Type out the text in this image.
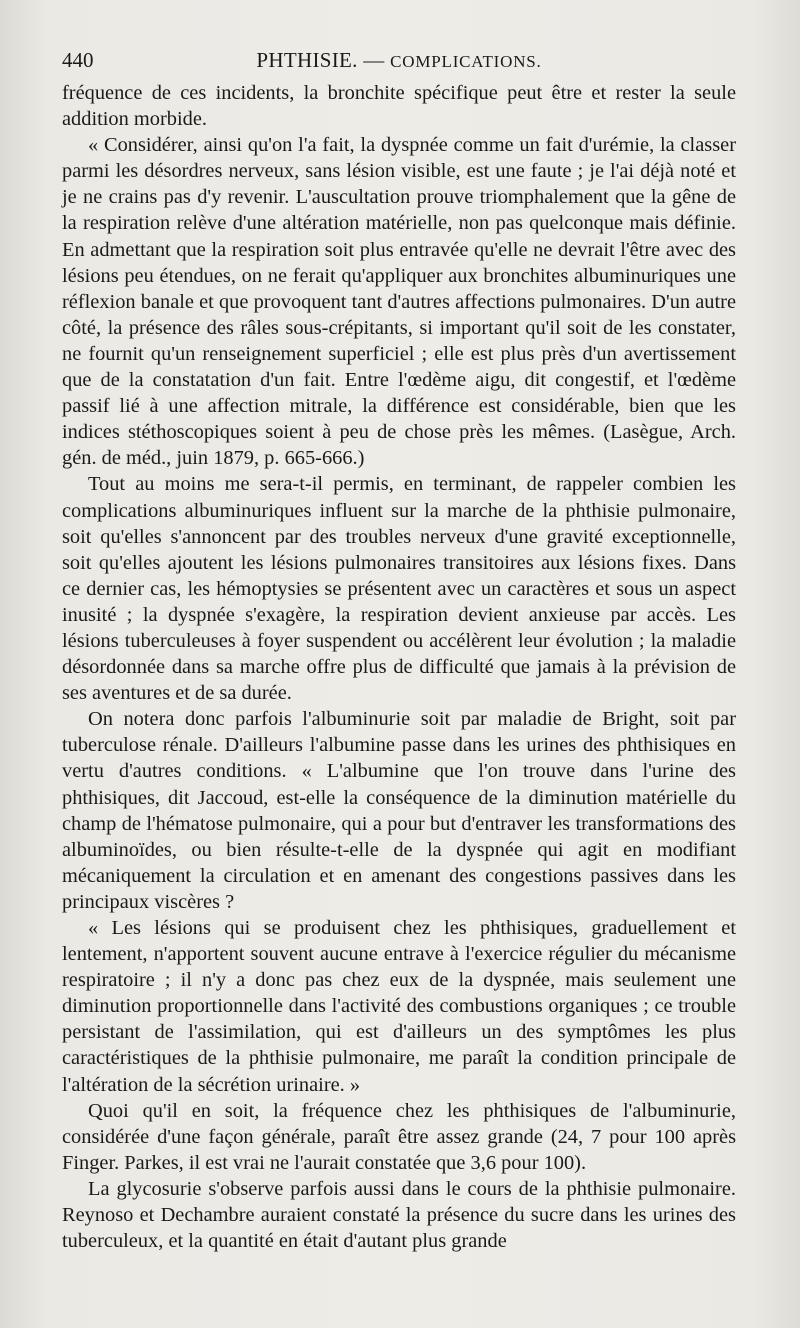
440	PHTHISIE. — COMPLICATIONS.

fréquence de ces incidents, la bronchite spécifique peut être et rester la seule addition morbide.

« Considérer, ainsi qu'on l'a fait, la dyspnée comme un fait d'urémie, la classer parmi les désordres nerveux, sans lésion visible, est une faute ; je l'ai déjà noté et je ne crains pas d'y revenir. L'auscultation prouve triomphalement que la gêne de la respiration relève d'une altération matérielle, non pas quelconque mais définie. En admettant que la respiration soit plus entravée qu'elle ne devrait l'être avec des lésions peu étendues, on ne ferait qu'appliquer aux bronchites albuminuriques une réflexion banale et que provoquent tant d'autres affections pulmonaires. D'un autre côté, la présence des râles sous-crépitants, si important qu'il soit de les constater, ne fournit qu'un renseignement superficiel ; elle est plus près d'un avertissement que de la constatation d'un fait. Entre l'œdème aigu, dit congestif, et l'œdème passif lié à une affection mitrale, la différence est considérable, bien que les indices stéthoscopiques soient à peu de chose près les mêmes. (Lasègue, Arch. gén. de méd., juin 1879, p. 665-666.)

Tout au moins me sera-t-il permis, en terminant, de rappeler combien les complications albuminuriques influent sur la marche de la phthisie pulmonaire, soit qu'elles s'annoncent par des troubles nerveux d'une gravité exceptionnelle, soit qu'elles ajoutent les lésions pulmonaires transitoires aux lésions fixes. Dans ce dernier cas, les hémoptysies se présentent avec un caractères et sous un aspect inusité ; la dyspnée s'exagère, la respiration devient anxieuse par accès. Les lésions tuberculeuses à foyer suspendent ou accélèrent leur évolution ; la maladie désordonnée dans sa marche offre plus de difficulté que jamais à la prévision de ses aventures et de sa durée.

On notera donc parfois l'albuminurie soit par maladie de Bright, soit par tuberculose rénale. D'ailleurs l'albumine passe dans les urines des phthisiques en vertu d'autres conditions. « L'albumine que l'on trouve dans l'urine des phthisiques, dit Jaccoud, est-elle la conséquence de la diminution matérielle du champ de l'hématose pulmonaire, qui a pour but d'entraver les transformations des albuminoïdes, ou bien résulte-t-elle de la dyspnée qui agit en modifiant mécaniquement la circulation et en amenant des congestions passives dans les principaux viscères ?

« Les lésions qui se produisent chez les phthisiques, graduellement et lentement, n'apportent souvent aucune entrave à l'exercice régulier du mécanisme respiratoire ; il n'y a donc pas chez eux de la dyspnée, mais seulement une diminution proportionnelle dans l'activité des combustions organiques ; ce trouble persistant de l'assimilation, qui est d'ailleurs un des symptômes les plus caractéristiques de la phthisie pulmonaire, me paraît la condition principale de l'altération de la sécrétion urinaire. »

Quoi qu'il en soit, la fréquence chez les phthisiques de l'albuminurie, considérée d'une façon générale, paraît être assez grande (24, 7 pour 100 après Finger. Parkes, il est vrai ne l'aurait constatée que 3,6 pour 100).

La glycosurie s'observe parfois aussi dans le cours de la phthisie pulmonaire. Reynoso et Dechambre auraient constaté la présence du sucre dans les urines des tuberculeux, et la quantité en était d'autant plus grande
